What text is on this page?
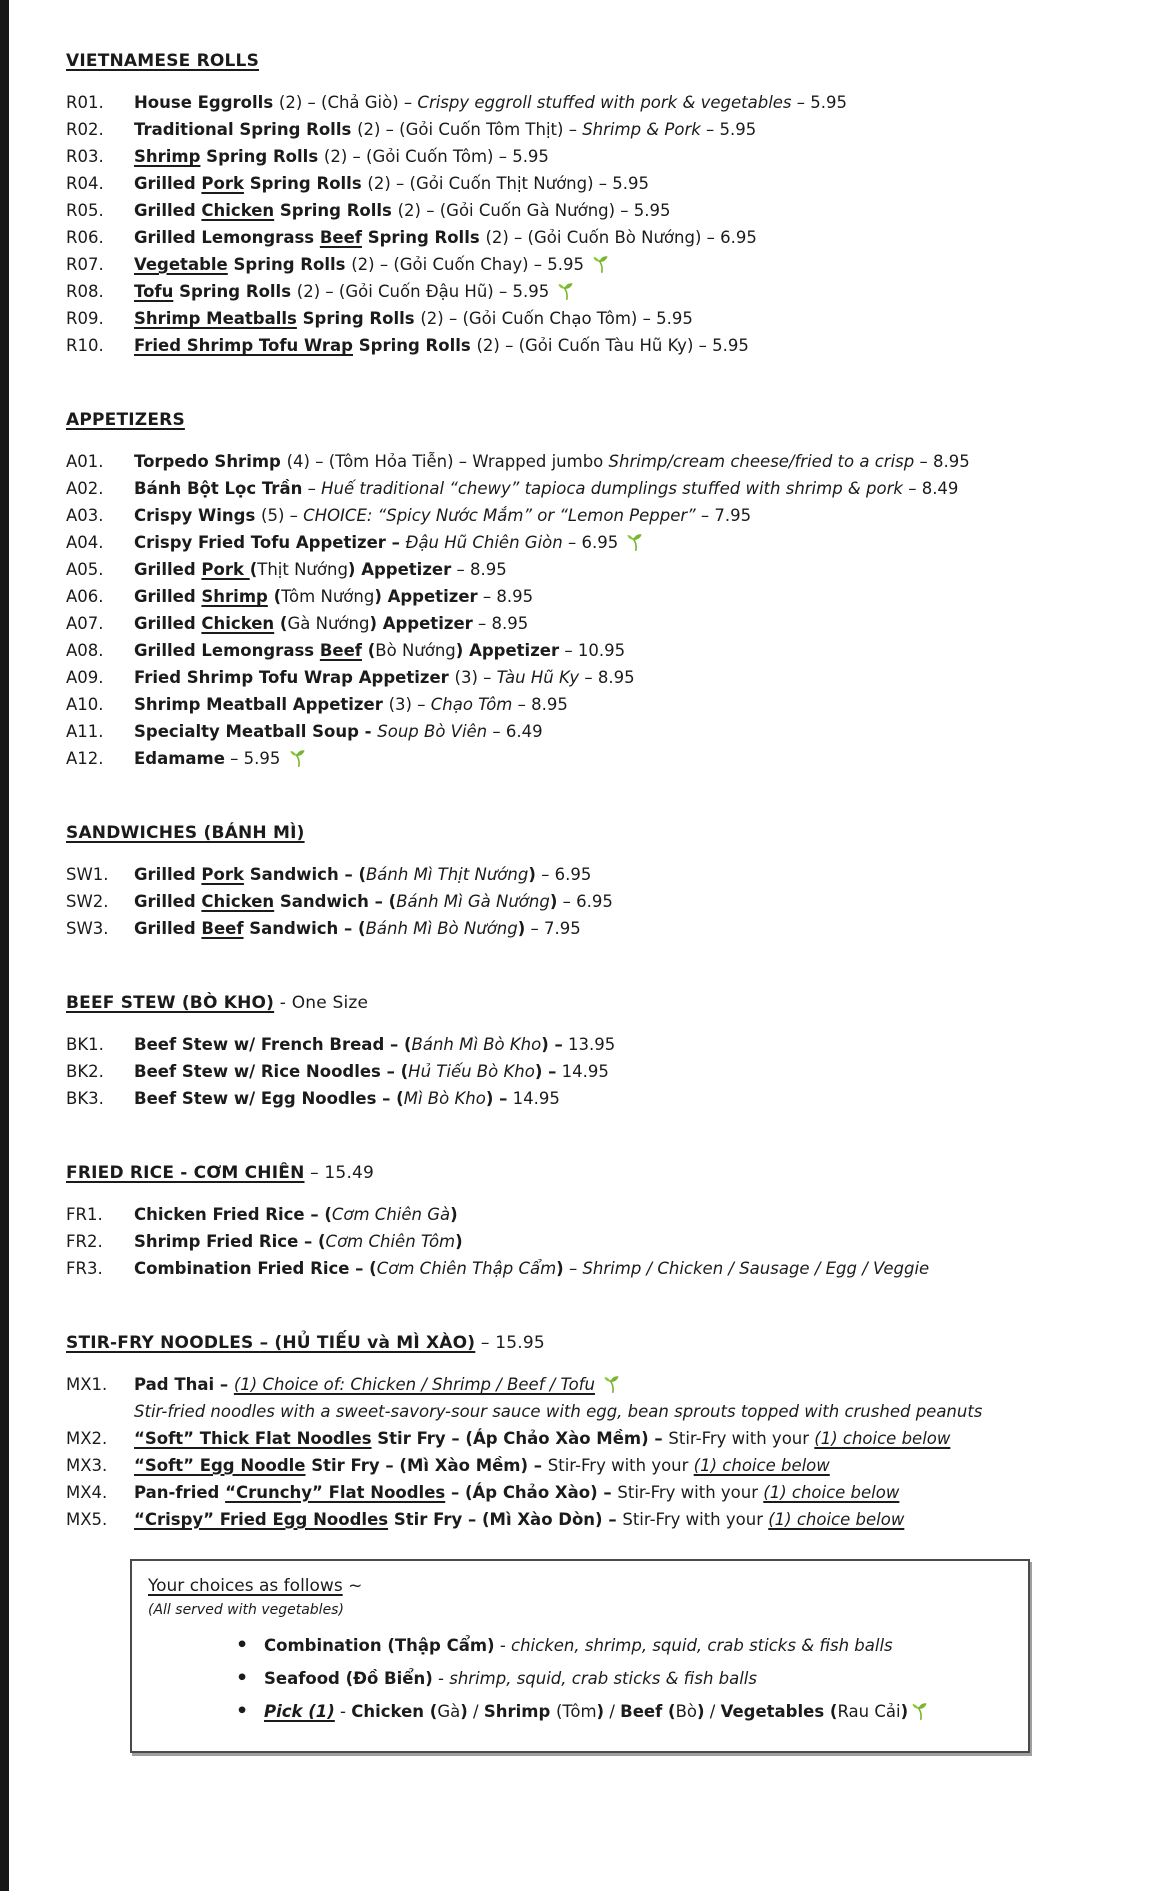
VIETNAMESE ROLLS
R01.	House Eggrolls (2) – (Chả Giò) – Crispy eggroll stuffed with pork & vegetables – 5.95
R02.	Traditional Spring Rolls (2) – (Gỏi Cuốn Tôm Thịt) – Shrimp & Pork – 5.95
R03.	Shrimp Spring Rolls (2) – (Gỏi Cuốn Tôm) – 5.95
R04.	Grilled Pork Spring Rolls (2) – (Gỏi Cuốn Thịt Nướng) – 5.95
R05.	Grilled Chicken Spring Rolls (2) – (Gỏi Cuốn Gà Nướng) – 5.95
R06.	Grilled Lemongrass Beef Spring Rolls (2) – (Gỏi Cuốn Bò Nướng) – 6.95
R07.	Vegetable Spring Rolls (2) – (Gỏi Cuốn Chay) – 5.95
R08.	Tofu Spring Rolls (2) – (Gỏi Cuốn Đậu Hũ) – 5.95
R09.	Shrimp Meatballs Spring Rolls (2) – (Gỏi Cuốn Chạo Tôm) – 5.95
R10.	Fried Shrimp Tofu Wrap Spring Rolls (2) – (Gỏi Cuốn Tàu Hũ Ky) – 5.95
APPETIZERS
A01.	Torpedo Shrimp (4) – (Tôm Hỏa Tiễn) – Wrapped jumbo Shrimp/cream cheese/fried to a crisp – 8.95
A02.	Bánh Bột Lọc Trần – Huế traditional “chewy” tapioca dumplings stuffed with shrimp & pork – 8.49
A03.	Crispy Wings (5) – CHOICE: “Spicy Nước Mắm” or “Lemon Pepper” – 7.95
A04.	Crispy Fried Tofu Appetizer – Đậu Hũ Chiên Giòn – 6.95
A05.	Grilled Pork (Thịt Nướng) Appetizer – 8.95
A06.	Grilled Shrimp (Tôm Nướng) Appetizer – 8.95
A07.	Grilled Chicken (Gà Nướng) Appetizer – 8.95
A08.	Grilled Lemongrass Beef (Bò Nướng) Appetizer – 10.95
A09.	Fried Shrimp Tofu Wrap Appetizer (3) – Tàu Hũ Ky – 8.95
A10.	Shrimp Meatball Appetizer (3) – Chạo Tôm – 8.95
A11.	Specialty Meatball Soup - Soup Bò Viên – 6.49
A12.	Edamame – 5.95
SANDWICHES (BÁNH MÌ)
SW1.	Grilled Pork Sandwich – (Bánh Mì Thịt Nướng) – 6.95
SW2.	Grilled Chicken Sandwich – (Bánh Mì Gà Nướng) – 6.95
SW3.	Grilled Beef Sandwich – (Bánh Mì Bò Nướng) – 7.95
BEEF STEW (BÒ KHO) - One Size
BK1.	Beef Stew w/ French Bread – (Bánh Mì Bò Kho) – 13.95
BK2.	Beef Stew w/ Rice Noodles – (Hủ Tiếu Bò Kho) – 14.95
BK3.	Beef Stew w/ Egg Noodles – (Mì Bò Kho) – 14.95
FRIED RICE - CƠM CHIÊN – 15.49
FR1.	Chicken Fried Rice – (Cơm Chiên Gà)
FR2.	Shrimp Fried Rice – (Cơm Chiên Tôm)
FR3.	Combination Fried Rice – (Cơm Chiên Thập Cẩm) – Shrimp / Chicken / Sausage / Egg / Veggie
STIR-FRY NOODLES – (HỦ TIẾU và MÌ XÀO) – 15.95
MX1.	Pad Thai – (1) Choice of: Chicken / Shrimp / Beef / Tofu
Stir-fried noodles with a sweet-savory-sour sauce with egg, bean sprouts topped with crushed peanuts
MX2.	“Soft” Thick Flat Noodles Stir Fry – (Áp Chảo Xào Mềm) – Stir-Fry with your (1) choice below
MX3.	“Soft” Egg Noodle Stir Fry – (Mì Xào Mềm) – Stir-Fry with your (1) choice below
MX4.	Pan-fried “Crunchy” Flat Noodles – (Áp Chảo Xào) – Stir-Fry with your (1) choice below
MX5.	“Crispy” Fried Egg Noodles Stir Fry – (Mì Xào Dòn) – Stir-Fry with your (1) choice below
Your choices as follows ~
(All served with vegetables)
• Combination (Thập Cẩm) - chicken, shrimp, squid, crab sticks & fish balls
• Seafood (Đồ Biển) - shrimp, squid, crab sticks & fish balls
• Pick (1) - Chicken (Gà) / Shrimp (Tôm) / Beef (Bò) / Vegetables (Rau Cải)
